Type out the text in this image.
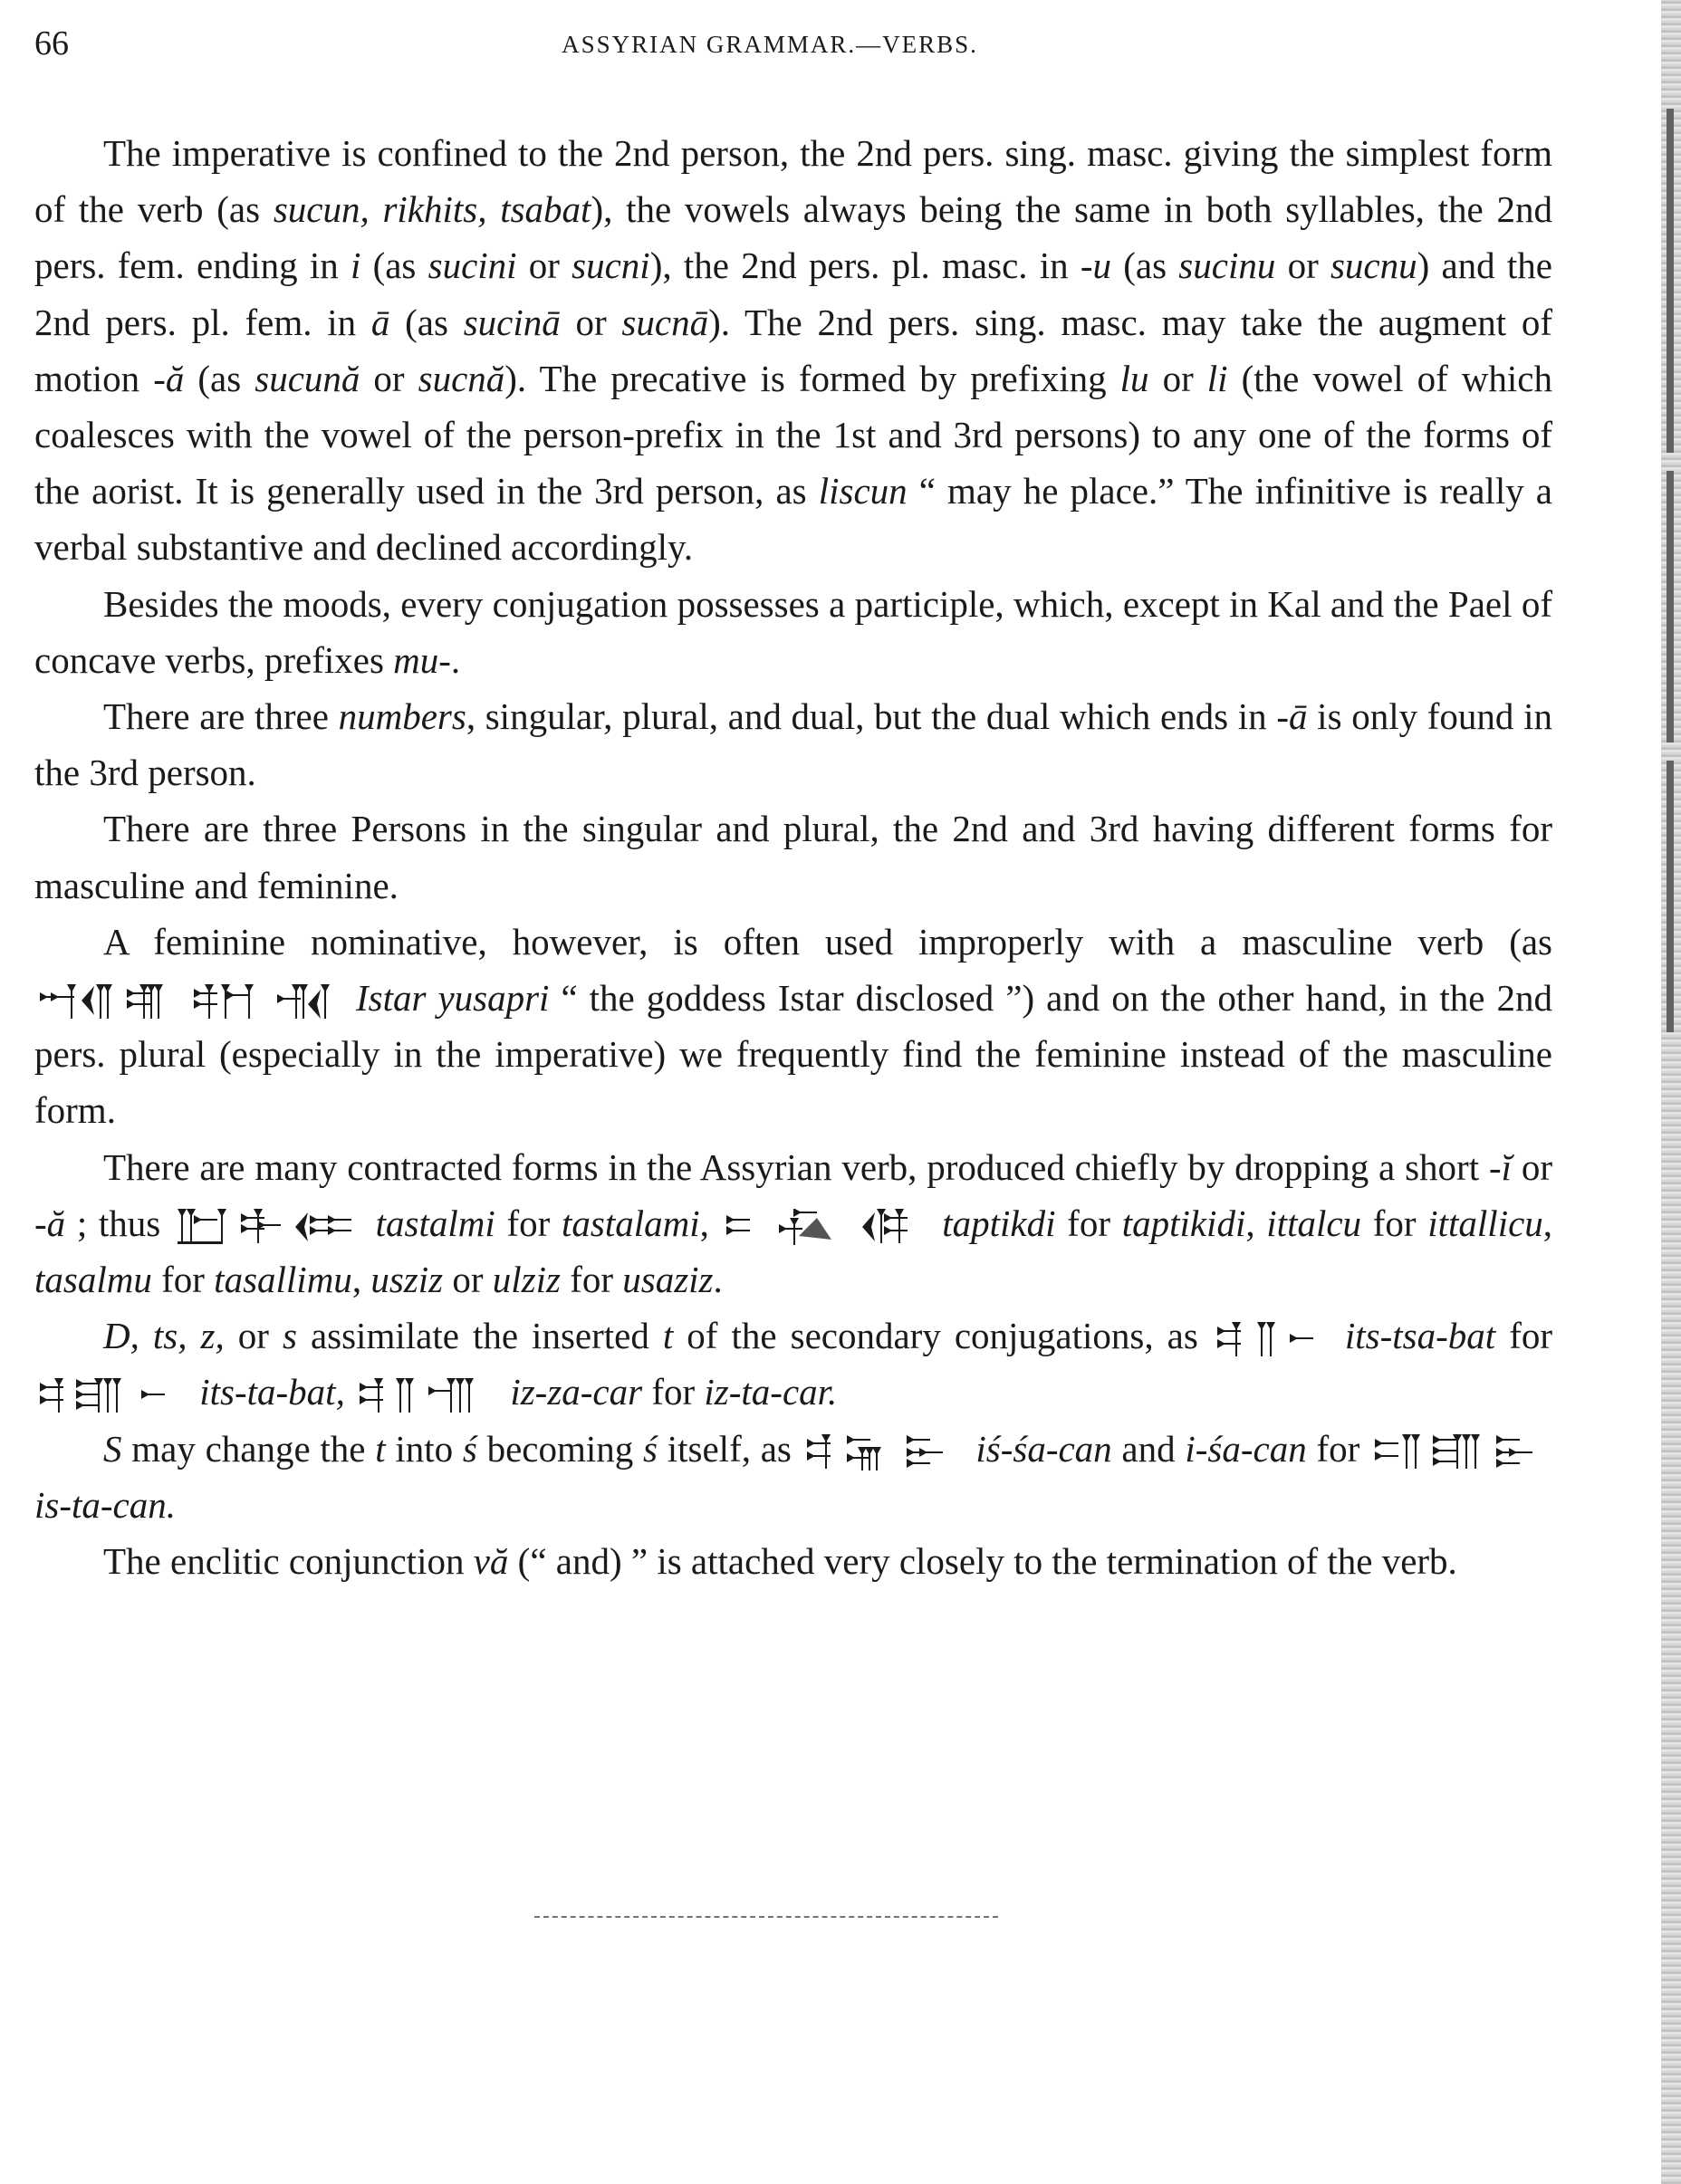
66	ASSYRIAN GRAMMAR.—VERBS.

The imperative is confined to the 2nd person, the 2nd pers. sing. masc. giving the simplest form of the verb (as sucun, rikhits, tsabat), the vowels always being the same in both syllables, the 2nd pers. fem. ending in i (as sucini or sucni), the 2nd pers. pl. masc. in -u (as sucinu or sucnu) and the 2nd pers. pl. fem. in ā (as sucinā or sucnā). The 2nd pers. sing. masc. may take the augment of motion -ă (as sucună or sucnă). The precative is formed by prefixing lu or li (the vowel of which coalesces with the vowel of the person-prefix in the 1st and 3rd persons) to any one of the forms of the aorist. It is generally used in the 3rd person, as liscun “ may he place.” The infinitive is really a verbal substantive and declined accordingly.

Besides the moods, every conjugation possesses a participle, which, except in Kal and the Pael of concave verbs, prefixes mu-.

There are three numbers, singular, plural, and dual, but the dual which ends in -ā is only found in the 3rd person.

There are three Persons in the singular and plural, the 2nd and 3rd having different forms for masculine and feminine.

A feminine nominative, however, is often used improperly with a masculine verb (as
Istar yusapri “ the goddess Istar disclosed ”) and on the other hand, in the 2nd pers. plural (especially in the imperative) we frequently find the feminine instead of the masculine form.

There are many contracted forms in the Assyrian verb, produced chiefly by dropping a short -ĭ or -ă ; thus	tastalmi for tastalami,	taptikdi for taptikidi, ittalcu for ittallicu, tasalmu for tasallimu, usziz or ulziz for usaziz.

D, ts, z, or s assimilate the inserted t of the secondary conjugations, as	its-tsa-bat for
its-ta-bat,	iz-za-car for iz-ta-car.

S may change the t into ś becoming ś itself, as	iś-śa-can and i-śa-can for
is-ta-can.

The enclitic conjunction vă (“ and) ” is attached very closely to the termination of the verb.
